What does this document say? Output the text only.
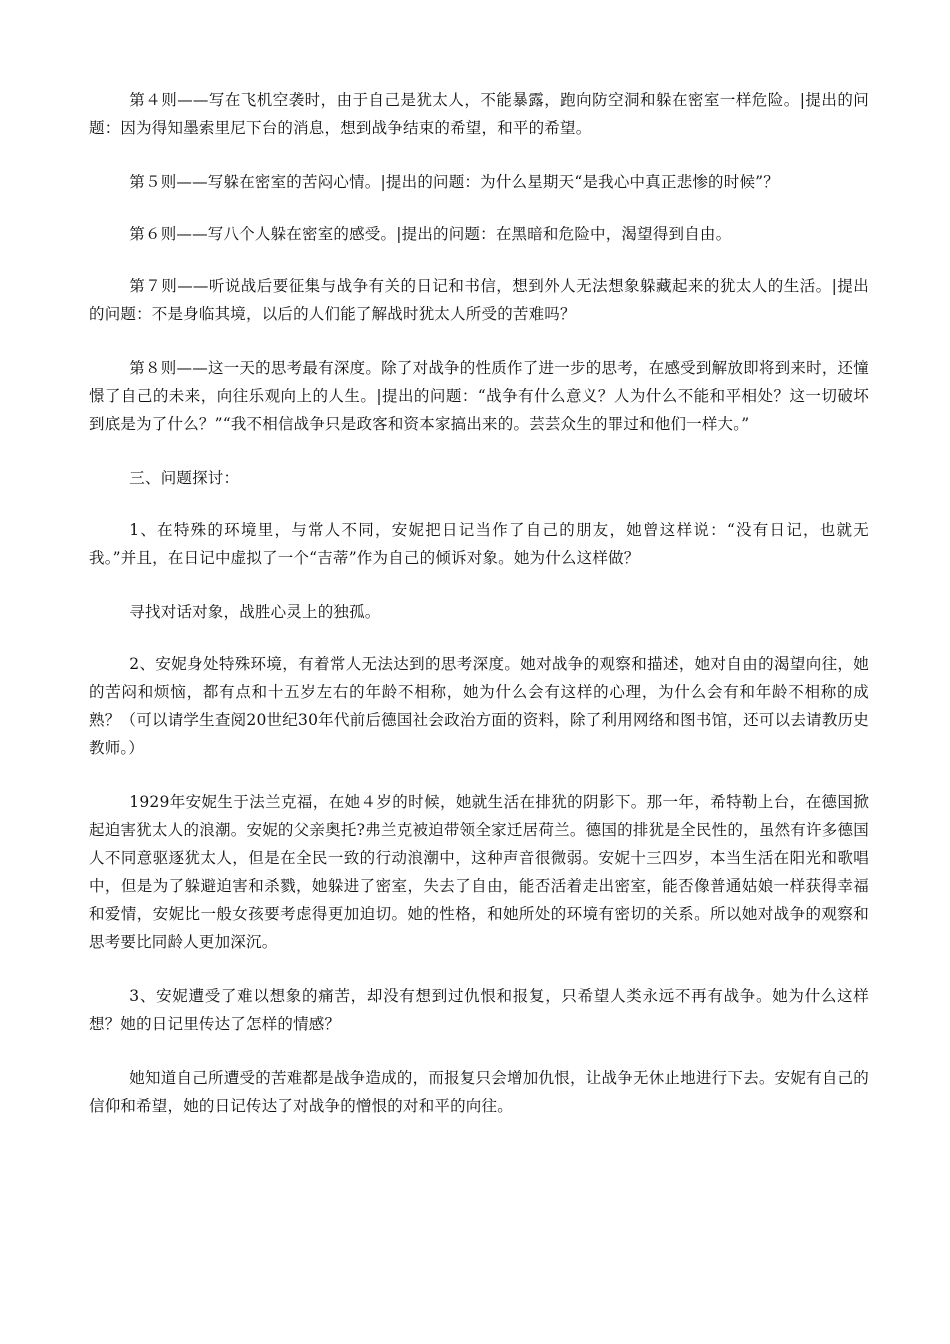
第４则——写在飞机空袭时，由于自己是犹太人，不能暴露，跑向防空洞和躲在密室一样危险。|提出的问题：因为得知墨索里尼下台的消息，想到战争结束的希望，和平的希望。

第５则——写躲在密室的苦闷心情。|提出的问题：为什么星期天“是我心中真正悲惨的时候”？

第６则——写八个人躲在密室的感受。|提出的问题：在黑暗和危险中，渴望得到自由。

第７则——听说战后要征集与战争有关的日记和书信，想到外人无法想象躲藏起来的犹太人的生活。|提出的问题：不是身临其境，以后的人们能了解战时犹太人所受的苦难吗？

第８则——这一天的思考最有深度。除了对战争的性质作了进一步的思考，在感受到解放即将到来时，还憧憬了自己的未来，向往乐观向上的人生。|提出的问题：“战争有什么意义？人为什么不能和平相处？这一切破坏到底是为了什么？”“我不相信战争只是政客和资本家搞出来的。芸芸众生的罪过和他们一样大。”

三、问题探讨：

1、在特殊的环境里，与常人不同，安妮把日记当作了自己的朋友，她曾这样说：“没有日记，也就无我。”并且，在日记中虚拟了一个“吉蒂”作为自己的倾诉对象。她为什么这样做？

寻找对话对象，战胜心灵上的独孤。

2、安妮身处特殊环境，有着常人无法达到的思考深度。她对战争的观察和描述，她对自由的渴望向往，她的苦闷和烦恼，都有点和十五岁左右的年龄不相称，她为什么会有这样的心理，为什么会有和年龄不相称的成熟？（可以请学生查阅20世纪30年代前后德国社会政治方面的资料，除了利用网络和图书馆，还可以去请教历史教师。）

1929年安妮生于法兰克福，在她４岁的时候，她就生活在排犹的阴影下。那一年，希特勒上台，在德国掀起迫害犹太人的浪潮。安妮的父亲奥托?弗兰克被迫带领全家迁居荷兰。德国的排犹是全民性的，虽然有许多德国人不同意驱逐犹太人，但是在全民一致的行动浪潮中，这种声音很微弱。安妮十三四岁，本当生活在阳光和歌唱中，但是为了躲避迫害和杀戮，她躲进了密室，失去了自由，能否活着走出密室，能否像普通姑娘一样获得幸福和爱情，安妮比一般女孩要考虑得更加迫切。她的性格，和她所处的环境有密切的关系。所以她对战争的观察和思考要比同龄人更加深沉。

3、安妮遭受了难以想象的痛苦，却没有想到过仇恨和报复，只希望人类永远不再有战争。她为什么这样想？她的日记里传达了怎样的情感？

她知道自己所遭受的苦难都是战争造成的，而报复只会增加仇恨，让战争无休止地进行下去。安妮有自己的信仰和希望，她的日记传达了对战争的憎恨的对和平的向往。
